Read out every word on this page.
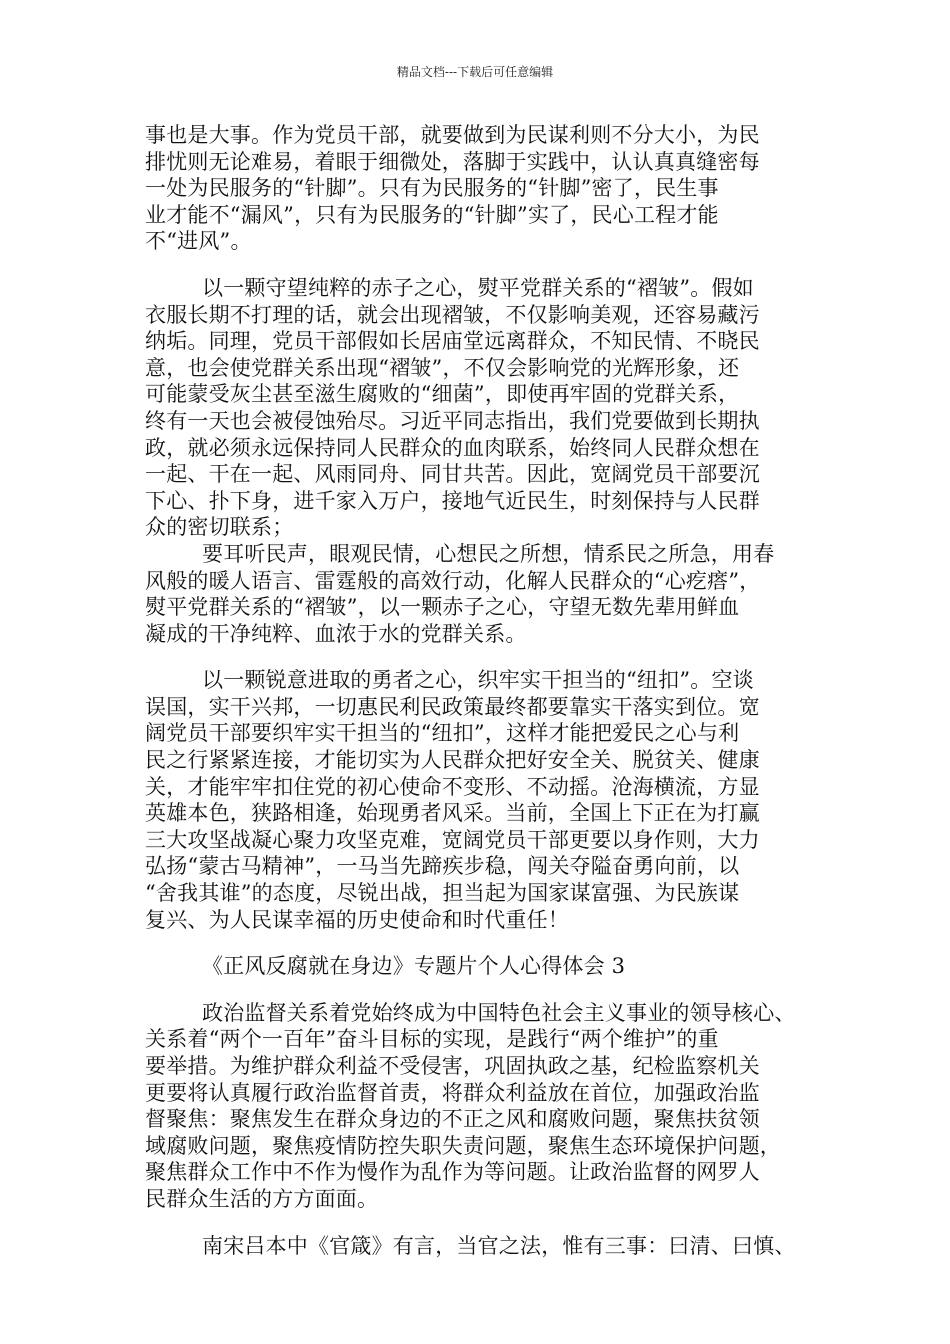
精品文档---下载后可任意编辑
事也是大事。作为党员干部，就要做到为民谋利则不分大小，为民
排忧则无论难易，着眼于细微处，落脚于实践中，认认真真缝密每
一处为民服务的“针脚”。只有为民服务的“针脚”密了，民生事
业才能不“漏风”，只有为民服务的“针脚”实了，民心工程才能
不“进风”。
以一颗守望纯粹的赤子之心，熨平党群关系的“褶皱”。假如
衣服长期不打理的话，就会出现褶皱，不仅影响美观，还容易藏污
纳垢。同理，党员干部假如长居庙堂远离群众，不知民情、不晓民
意，也会使党群关系出现“褶皱”，不仅会影响党的光辉形象，还
可能蒙受灰尘甚至滋生腐败的“细菌”，即使再牢固的党群关系，
终有一天也会被侵蚀殆尽。习近平同志指出，我们党要做到长期执
政，就必须永远保持同人民群众的血肉联系，始终同人民群众想在
一起、干在一起、风雨同舟、同甘共苦。因此，宽阔党员干部要沉
下心、扑下身，进千家入万户，接地气近民生，时刻保持与人民群
众的密切联系；
要耳听民声，眼观民情，心想民之所想，情系民之所急，用春
风般的暖人语言、雷霆般的高效行动，化解人民群众的“心疙瘩”，
熨平党群关系的“褶皱”，以一颗赤子之心，守望无数先辈用鲜血
凝成的干净纯粹、血浓于水的党群关系。
以一颗锐意进取的勇者之心，织牢实干担当的“纽扣”。空谈
误国，实干兴邦，一切惠民利民政策最终都要靠实干落实到位。宽
阔党员干部要织牢实干担当的“纽扣”，这样才能把爱民之心与利
民之行紧紧连接，才能切实为人民群众把好安全关、脱贫关、健康
关，才能牢牢扣住党的初心使命不变形、不动摇。沧海横流，方显
英雄本色，狭路相逢，始现勇者风采。当前，全国上下正在为打赢
三大攻坚战凝心聚力攻坚克难，宽阔党员干部更要以身作则，大力
弘扬“蒙古马精神”，一马当先蹄疾步稳，闯关夺隘奋勇向前，以
“舍我其谁”的态度，尽锐出战，担当起为国家谋富强、为民族谋
复兴、为人民谋幸福的历史使命和时代重任！
《正风反腐就在身边》专题片个人心得体会 3
政治监督关系着党始终成为中国特色社会主义事业的领导核心、
关系着“两个一百年”奋斗目标的实现，是践行“两个维护”的重
要举措。为维护群众利益不受侵害，巩固执政之基，纪检监察机关
更要将认真履行政治监督首责，将群众利益放在首位，加强政治监
督聚焦：聚焦发生在群众身边的不正之风和腐败问题，聚焦扶贫领
域腐败问题，聚焦疫情防控失职失责问题，聚焦生态环境保护问题，
聚焦群众工作中不作为慢作为乱作为等问题。让政治监督的网罗人
民群众生活的方方面面。
南宋吕本中《官箴》有言，当官之法，惟有三事：曰清、曰慎、
